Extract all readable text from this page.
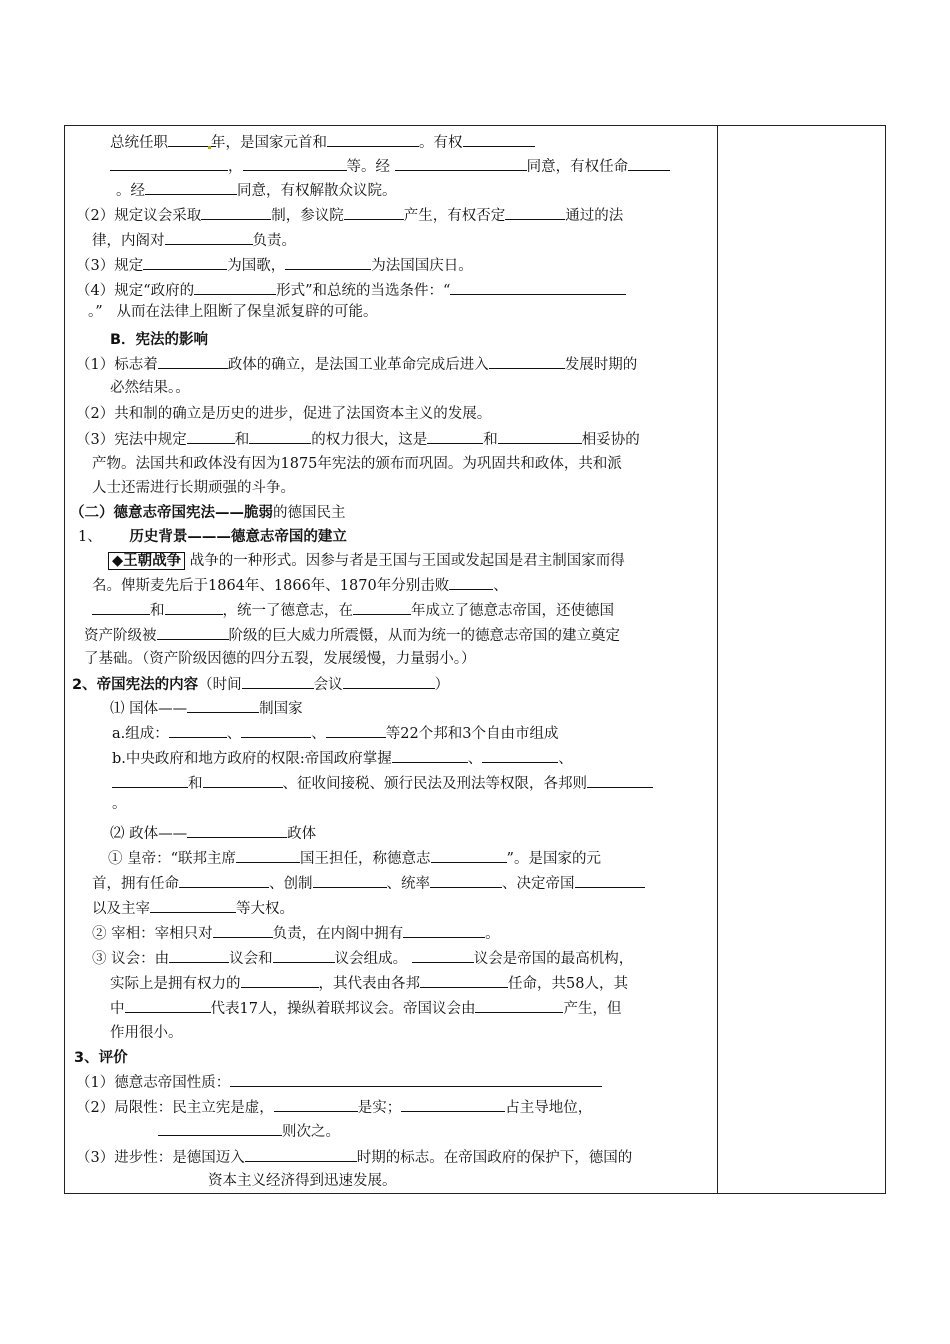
总统任职	年，是国家元首和	。有权
，	等。经	同意，有权任命
。经	同意，有权解散众议院。
（2）规定议会采取	制，参议院	产生，有权否定	通过的法
律，内阁对	负责。
（3）规定	为国歌，	为法国国庆日。
（4）规定“政府的	形式”和总统的当选条件：“
。” 从而在法律上阻断了保皇派复辟的可能。
B．宪法的影响
（1）标志着	政体的确立，是法国工业革命完成后进入	发展时期的
必然结果。。
（2）共和制的确立是历史的进步，促进了法国资本主义的发展。
（3）宪法中规定	和	的权力很大，这是	和	相妥协的
产物。法国共和政体没有因为1875年宪法的颁布而巩固。为巩固共和政体，共和派
人士还需进行长期顽强的斗争。
（二）德意志帝国宪法——脆弱的德国民主
1、 历史背景———德意志帝国的建立
◆王朝战争 战争的一种形式。因参与者是王国与王国或发起国是君主制国家而得
名。俾斯麦先后于1864年、1866年、1870年分别击败	、
和	，统一了德意志，在	年成立了德意志帝国，还使德国
资产阶级被	阶级的巨大威力所震慑，从而为统一的德意志帝国的建立奠定
了基础。（资产阶级因德的四分五裂，发展缓慢，力量弱小。）
2、帝国宪法的内容（时间	会议	）
⑴ 国体——	制国家
a.组成：	、	、	等22个邦和3个自由市组成
b.中央政府和地方政府的权限:帝国政府掌握	、	、
和	、征收间接税、颁行民法及刑法等权限，各邦则
。
⑵ 政体——	政体
① 皇帝：“联邦主席	国王担任，称德意志	”。是国家的元
首，拥有任命	、创制	、统率	、决定帝国
以及主宰	等大权。
② 宰相：宰相只对	负责，在内阁中拥有	。
③ 议会：由	议会和	议会组成。	议会是帝国的最高机构，
实际上是拥有权力的	，其代表由各邦	任命，共58人，其
中	代表17人，操纵着联邦议会。帝国议会由	产生，但
作用很小。
3、评价
（1）德意志帝国性质：
（2）局限性：民主立宪是虚，	是实；	占主导地位，
则次之。
（3）进步性：是德国迈入	时期的标志。在帝国政府的保护下，德国的
资本主义经济得到迅速发展。
